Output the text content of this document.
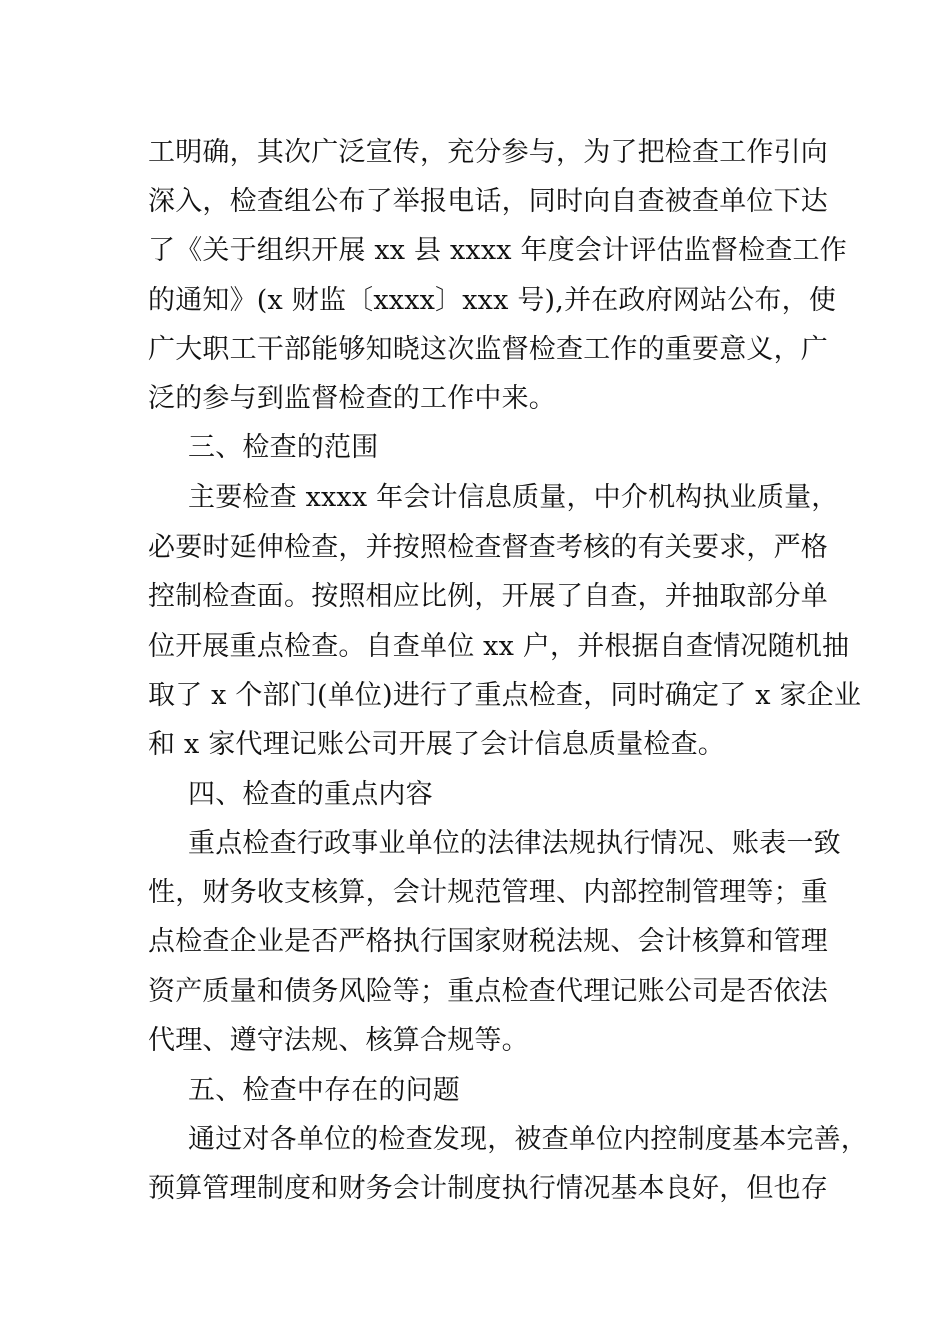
工明确，其次广泛宣传，充分参与，为了把检查工作引向
深入，检查组公布了举报电话，同时向自查被查单位下达
了《关于组织开展 xx 县 xxxx 年度会计评估监督检查工作
的通知》(x 财监〔xxxx〕xxx 号),并在政府网站公布，使
广大职工干部能够知晓这次监督检查工作的重要意义，广
泛的参与到监督检查的工作中来。
三、检查的范围
主要检查 xxxx 年会计信息质量，中介机构执业质量，
必要时延伸检查，并按照检查督查考核的有关要求，严格
控制检查面。按照相应比例，开展了自查，并抽取部分单
位开展重点检查。自查单位 xx 户，并根据自查情况随机抽
取了 x 个部门(单位)进行了重点检查，同时确定了 x 家企业
和 x 家代理记账公司开展了会计信息质量检查。
四、检查的重点内容
重点检查行政事业单位的法律法规执行情况、账表一致
性，财务收支核算，会计规范管理、内部控制管理等；重
点检查企业是否严格执行国家财税法规、会计核算和管理
资产质量和债务风险等；重点检查代理记账公司是否依法
代理、遵守法规、核算合规等。
五、检查中存在的问题
通过对各单位的检查发现，被查单位内控制度基本完善，
预算管理制度和财务会计制度执行情况基本良好，但也存
